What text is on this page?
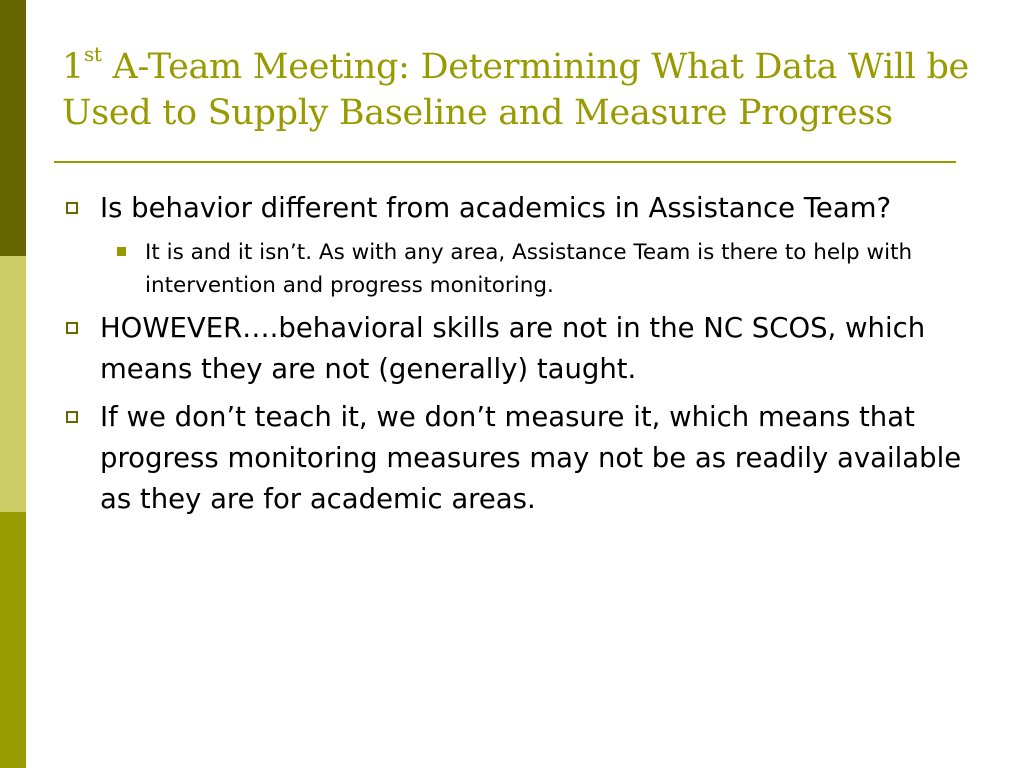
1st A-Team Meeting: Determining What Data Will be Used to Supply Baseline and Measure Progress
Is behavior different from academics in Assistance Team?
It is and it isn’t. As with any area, Assistance Team is there to help with intervention and progress monitoring.
HOWEVER….behavioral skills are not in the NC SCOS, which means they are not (generally) taught.
If we don’t teach it, we don’t measure it, which means that progress monitoring measures may not be as readily available as they are for academic areas.
